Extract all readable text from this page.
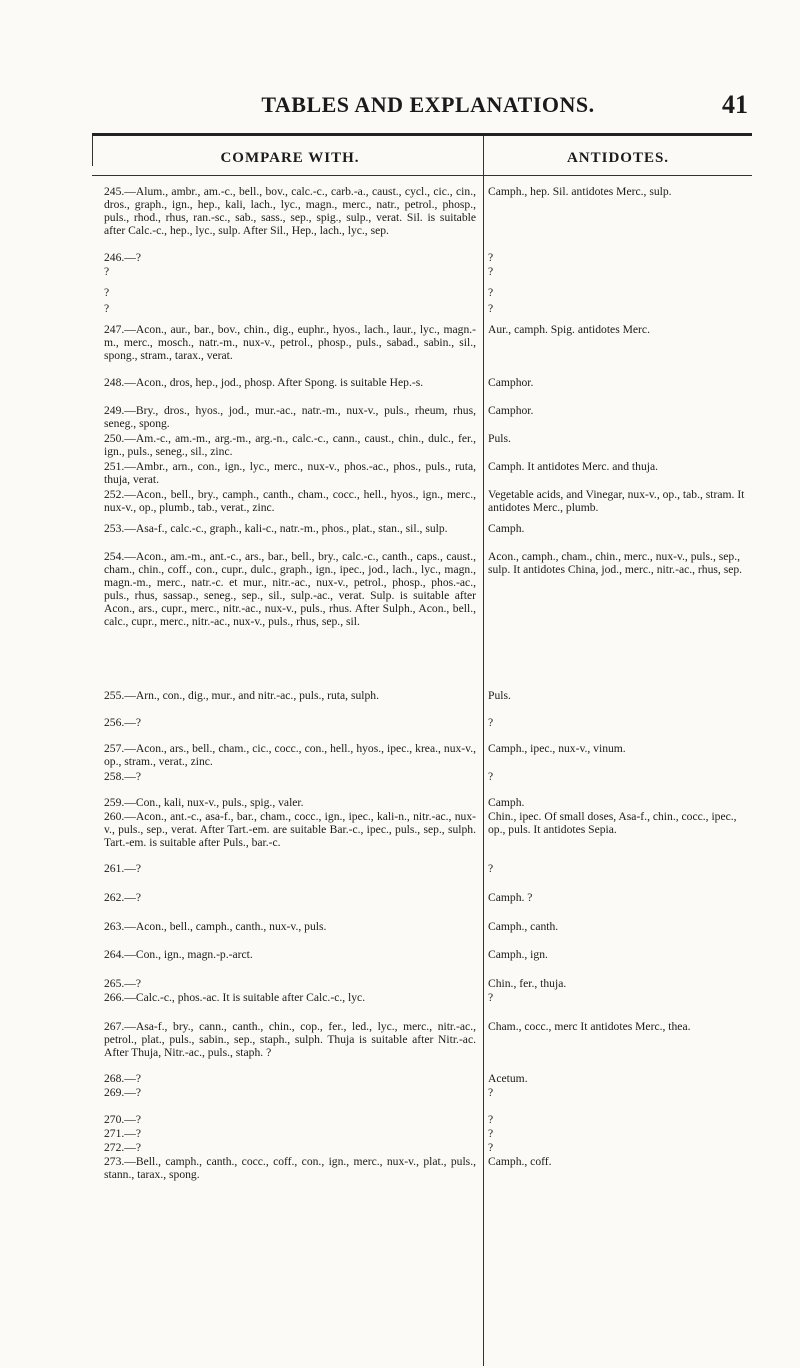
TABLES AND EXPLANATIONS.	41
COMPARE WITH.	ANTIDOTES.
245.—Alum., ambr., am.-c., bell., bov., calc.-c., carb.-a., caust., cycl., cic., cin., dros., graph., ign., hep., kali, lach., lyc., magn., merc., natr., petrol., phosp., puls., rhod., rhus, ran.-sc., sab., sass., sep., spig., sulp., verat. Sil. is suitable after Calc.-c., hep., lyc., sulp. After Sil., Hep., lach., lyc., sep.
246.—?
?
?
?
247.—Acon., aur., bar., bov., chin., dig., euphr., hyos., lach., laur., lyc., magn.-m., merc., mosch., natr.-m., nux-v., petrol., phosp., puls., sabad., sabin., sil., spong., stram., tarax., verat.
248.—Acon., dros, hep., jod., phosp. After Spong. is suitable Hep.-s.
249.—Bry., dros., hyos., jod., mur.-ac., natr.-m., nux-v., puls., rheum, rhus, seneg., spong.
250.—Am.-c., am.-m., arg.-m., arg.-n., calc.-c., cann., caust., chin., dulc., fer., ign., puls., seneg., sil., zinc.
251.—Ambr., arn., con., ign., lyc., merc., nux-v., phos.-ac., phos., puls., ruta, thuja, verat.
252.—Acon., bell., bry., camph., canth., cham., cocc., hell., hyos., ign., merc., nux-v., op., plumb., tab., verat., zinc.
253.—Asa-f., calc.-c., graph., kali-c., natr.-m., phos., plat., stan., sil., sulp.
254.—Acon., am.-m., ant.-c., ars., bar., bell., bry., calc.-c., canth., caps., caust., cham., chin., coff., con., cupr., dulc., graph., ign., ipec., jod., lach., lyc., magn., magn.-m., merc., natr.-c. et mur., nitr.-ac., nux-v., petrol., phosp., phos.-ac., puls., rhus, sassap., seneg., sep., sil., sulp.-ac., verat. Sulp. is suitable after Acon., ars., cupr., merc., nitr.-ac., nux-v., puls., rhus. After Sulph., Acon., bell., calc., cupr., merc., nitr.-ac., nux-v., puls., rhus, sep., sil.
255.—Arn., con., dig., mur., and nitr.-ac., puls., ruta, sulph.
256.—?
257.—Acon., ars., bell., cham., cic., cocc., con., hell., hyos., ipec., krea., nux-v., op., stram., verat., zinc.
258.—?
259.—Con., kali, nux-v., puls., spig., valer.
260.—Acon., ant.-c., asa-f., bar., cham., cocc., ign., ipec., kali-n., nitr.-ac., nux-v., puls., sep., verat. After Tart.-em. are suitable Bar.-c., ipec., puls., sep., sulph. Tart.-em. is suitable after Puls., bar.-c.
261.—?
262.—?
263.—Acon., bell., camph., canth., nux-v., puls.
264.—Con., ign., magn.-p.-arct.
265.—?
266.—Calc.-c., phos.-ac. It is suitable after Calc.-c., lyc.
267.—Asa-f., bry., cann., canth., chin., cop., fer., led., lyc., merc., nitr.-ac., petrol., plat., puls., sabin., sep., staph., sulph. Thuja is suitable after Nitr.-ac. After Thuja, Nitr.-ac., puls., staph. ?
268.—?
269.—?
270.—?
271.—?
272.—?
273.—Bell., camph., canth., cocc., coff., con., ign., merc., nux-v., plat., puls., stann., tarax., spong.
Camph., hep. Sil. antidotes Merc., sulp.
?
?
?
?
Aur., camph. Spig. antidotes Merc.
Camphor.
Camphor.
Puls.
Camph. It antidotes Merc. and thuja.
Vegetable acids, and Vinegar, nux-v., op., tab., stram. It antidotes Merc., plumb.
Camph.
Acon., camph., cham., chin., merc., nux-v., puls., sep., sulp. It antidotes China, jod., merc., nitr.-ac., rhus, sep.
Puls.
?
Camph., ipec., nux-v., vinum.
?
Camph.
Chin., ipec. Of small doses, Asa-f., chin., cocc., ipec., op., puls. It antidotes Sepia.
?
Camph. ?
Camph., canth.
Camph., ign.
Chin., fer., thuja.
?
Cham., cocc., merc It antidotes Merc., thea.
Acetum.
?
?
?
?
Camph., coff.
